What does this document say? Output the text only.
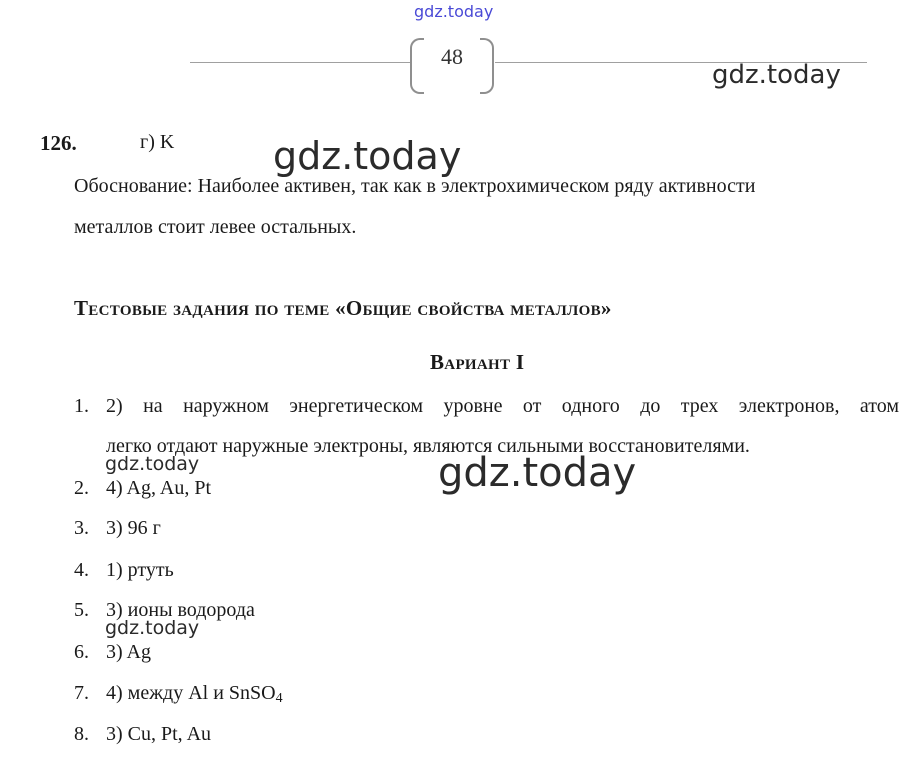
gdz.today
48
gdz.today
126.	г) K	gdz.today
Обоснование: Наиболее активен, так как в электрохимическом ряду активности
металлов стоит левее остальных.
Тестовые задания по теме «Общие свойства металлов»
Вариант I
1. 2) на наружном энергетическом уровне от одного до трех электронов, атом
легко отдают наружные электроны, являются сильными восстановителями.
gdz.today	gdz.today
2. 4) Ag, Au, Pt
3. 3) 96 г
4. 1) ртуть
5. 3) ионы водорода
gdz.today
6. 3) Ag
7. 4) между Al и SnSO$_4$
8. 3) Cu, Pt, Au
